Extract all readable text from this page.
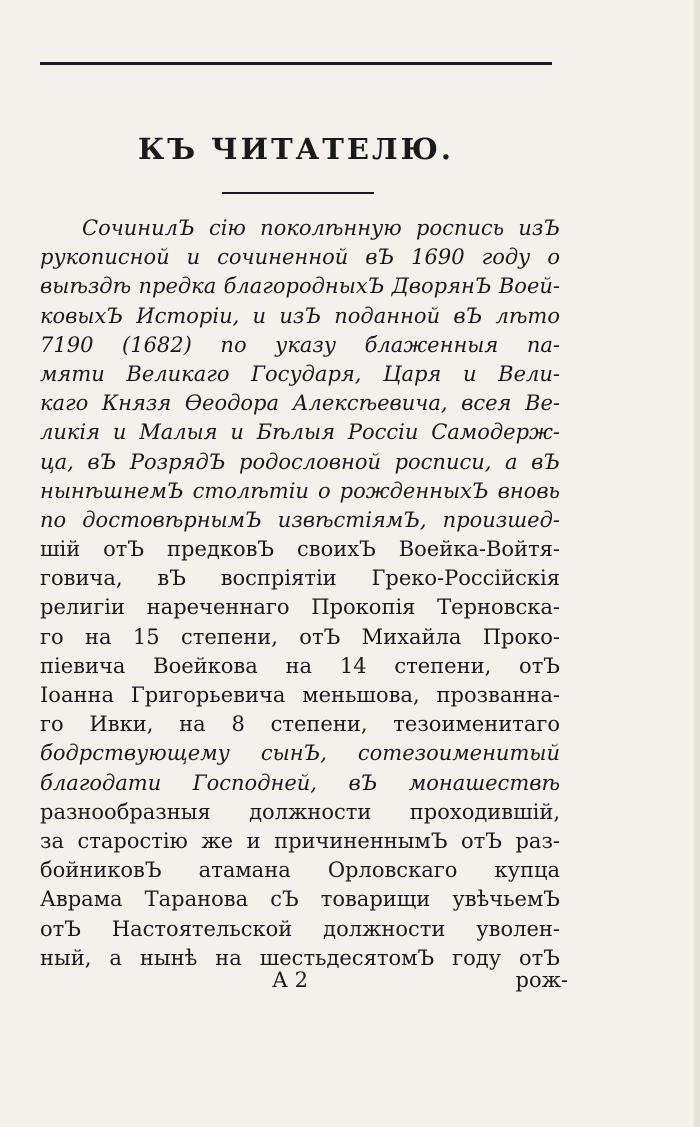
КЪ ЧИТАТЕЛЮ.
СочинилЪ сію поколѣнную роспись изЪ
рукописной и сочиненной вЪ 1690 году о
выѣздѣ предка благородныхЪ ДворянЪ Воей-
ковыхЪ Исторіи, и изЪ поданной вЪ лѣто
7190 (1682) по указу блаженныя па-
мяти Великаго Государя, Царя и Вели-
каго Князя Өеодора Алексѣевича, всея Ве-
ликія и Малыя и Бѣлыя Россіи Самодерж-
ца, вЪ РозрядЪ родословной росписи, а вЪ
нынѣшнемЪ столѣтіи о рожденныхЪ вновь
по достовѣрнымЪ извѣстіямЪ, произшед-
шій отЪ предковЪ своихЪ Воейка-Войтя-
говича, вЪ воспріятіи Греко-Россійскія
религіи нареченнаго Прокопія Терновска-
го на 15 степени, отЪ Михайла Проко-
піевича Воейкова на 14 степени, отЪ
Іоанна Григорьевича меньшова, прозванна-
го Ивки, на 8 степени, тезоименитаго
бодрствующему сынЪ, сотезоименитый
благодати Господней, вЪ монашествѣ
разнообразныя должности проходившій,
за старостію же и причиненнымЪ отЪ раз-
бойниковЪ атамана Орловскаго купца
Аврама Таранова сЪ товарищи увѣчьемЪ
отЪ Настоятельской должности уволен-
ный, а нынѣ на шестьдесятомЪ году отЪ
А 2	рож-
